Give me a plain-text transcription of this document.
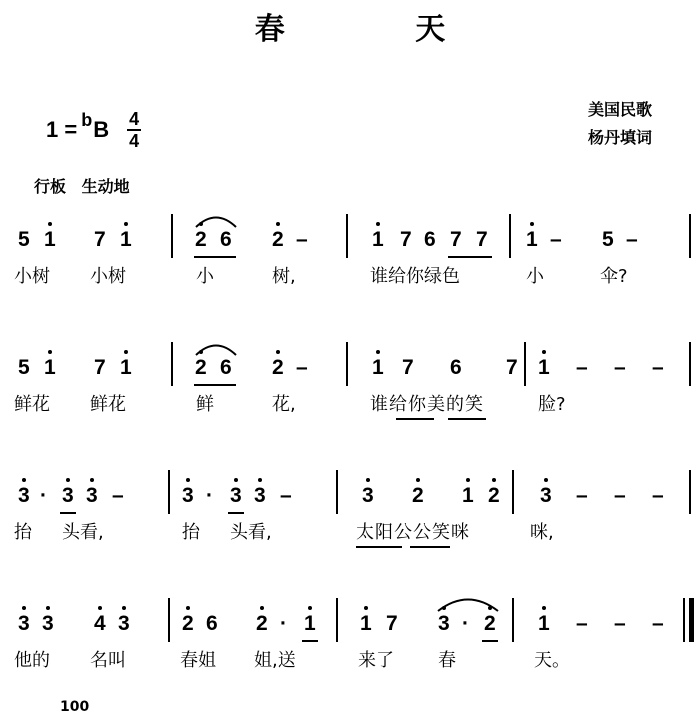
春 天
1 = b B 4
4
美国民歌
杨丹填词
行板 生动地
5 1 7 1	2 6 2 –	1 7 6 7 7 1 – 5 –
小树 小树	小	树,	谁给你绿色	小	伞?
5 1 7 1	2 6 2 –	1 7 6 7 1 – – –
鲜花 鲜花	鲜	花,	谁给你美的笑	脸?
3 · 3 3 –	3 · 3 3 –	3 2 1 2 3 – – –
抬 头看,	抬 头看,	太阳公公笑咪	咪,
3 3 4 3 2 6 2 · 1 1 7 3 · 2 1 – – –
他的 名叫	春姐 姐,送	来了 春	天。
100
